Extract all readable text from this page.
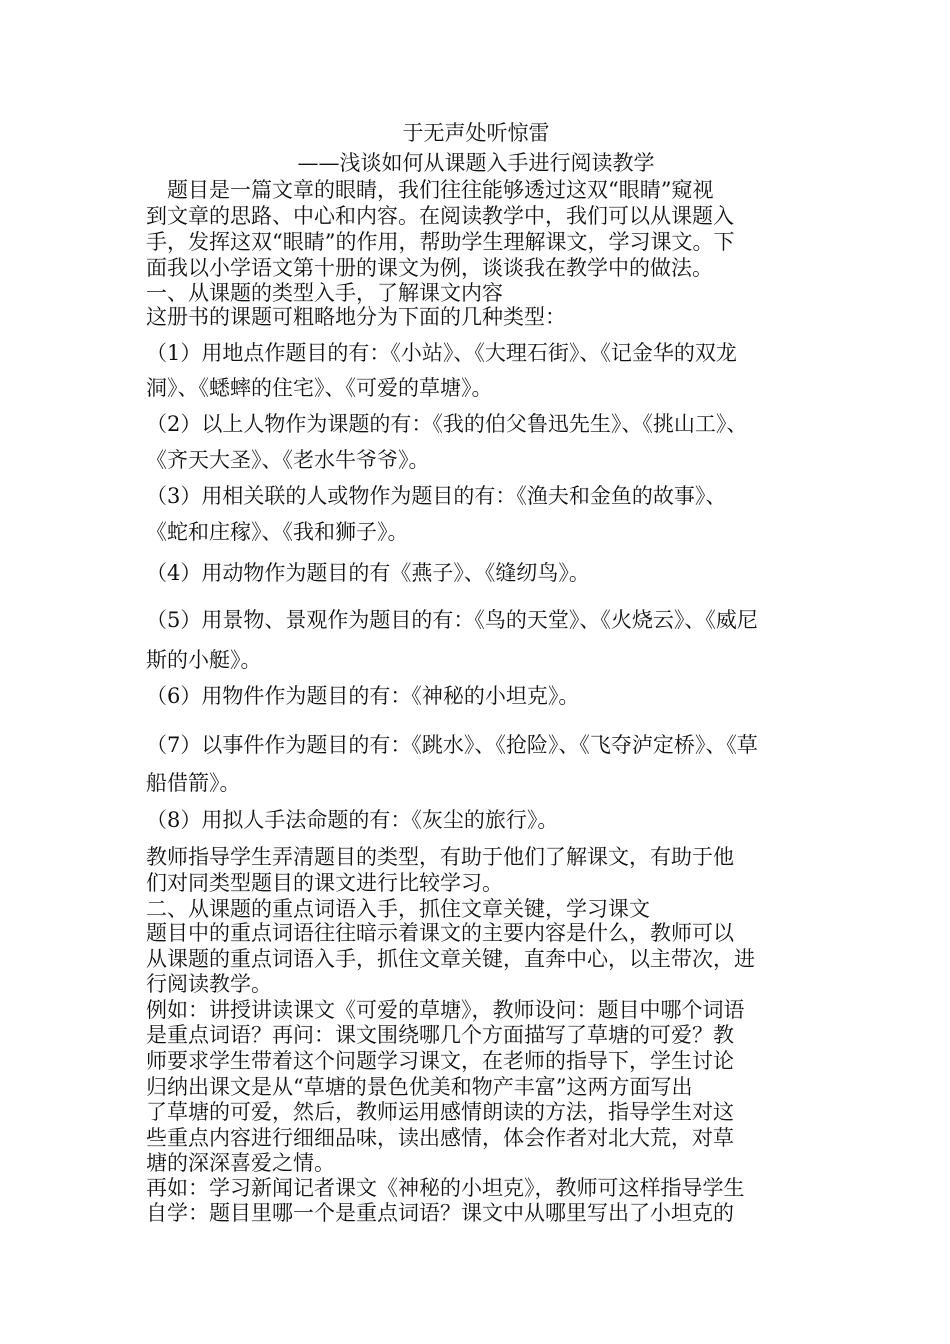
于无声处听惊雷
——浅谈如何从课题入手进行阅读教学
　题目是一篇文章的眼睛，我们往往能够透过这双“眼睛”窥视
到文章的思路、中心和内容。在阅读教学中，我们可以从课题入
手，发挥这双“眼睛”的作用，帮助学生理解课文，学习课文。下
面我以小学语文第十册的课文为例，谈谈我在教学中的做法。
一、从课题的类型入手，了解课文内容
这册书的课题可粗略地分为下面的几种类型：
（1）用地点作题目的有：《小站》、《大理石街》、《记金华的双龙
洞》、《蟋蟀的住宅》、《可爱的草塘》。
（2）以上人物作为课题的有：《我的伯父鲁迅先生》、《挑山工》、
《齐天大圣》、《老水牛爷爷》。
（3）用相关联的人或物作为题目的有：《渔夫和金鱼的故事》、
《蛇和庄稼》、《我和狮子》。
（4）用动物作为题目的有《燕子》、《缝纫鸟》。
（5）用景物、景观作为题目的有：《鸟的天堂》、《火烧云》、《威尼
斯的小艇》。
（6）用物件作为题目的有：《神秘的小坦克》。
（7）以事件作为题目的有：《跳水》、《抢险》、《飞夺泸定桥》、《草
船借箭》。
（8）用拟人手法命题的有：《灰尘的旅行》。
教师指导学生弄清题目的类型，有助于他们了解课文，有助于他
们对同类型题目的课文进行比较学习。
二、从课题的重点词语入手，抓住文章关键，学习课文
题目中的重点词语往往暗示着课文的主要内容是什么，教师可以
从课题的重点词语入手，抓住文章关键，直奔中心，以主带次，进
行阅读教学。
例如：讲授讲读课文《可爱的草塘》，教师设问：题目中哪个词语
是重点词语？再问：课文围绕哪几个方面描写了草塘的可爱？教
师要求学生带着这个问题学习课文，在老师的指导下，学生讨论
归纳出课文是从“草塘的景色优美和物产丰富”这两方面写出
了草塘的可爱，然后，教师运用感情朗读的方法，指导学生对这
些重点内容进行细细品味，读出感情，体会作者对北大荒，对草
塘的深深喜爱之情。
再如：学习新闻记者课文《神秘的小坦克》，教师可这样指导学生
自学：题目里哪一个是重点词语？课文中从哪里写出了小坦克的
